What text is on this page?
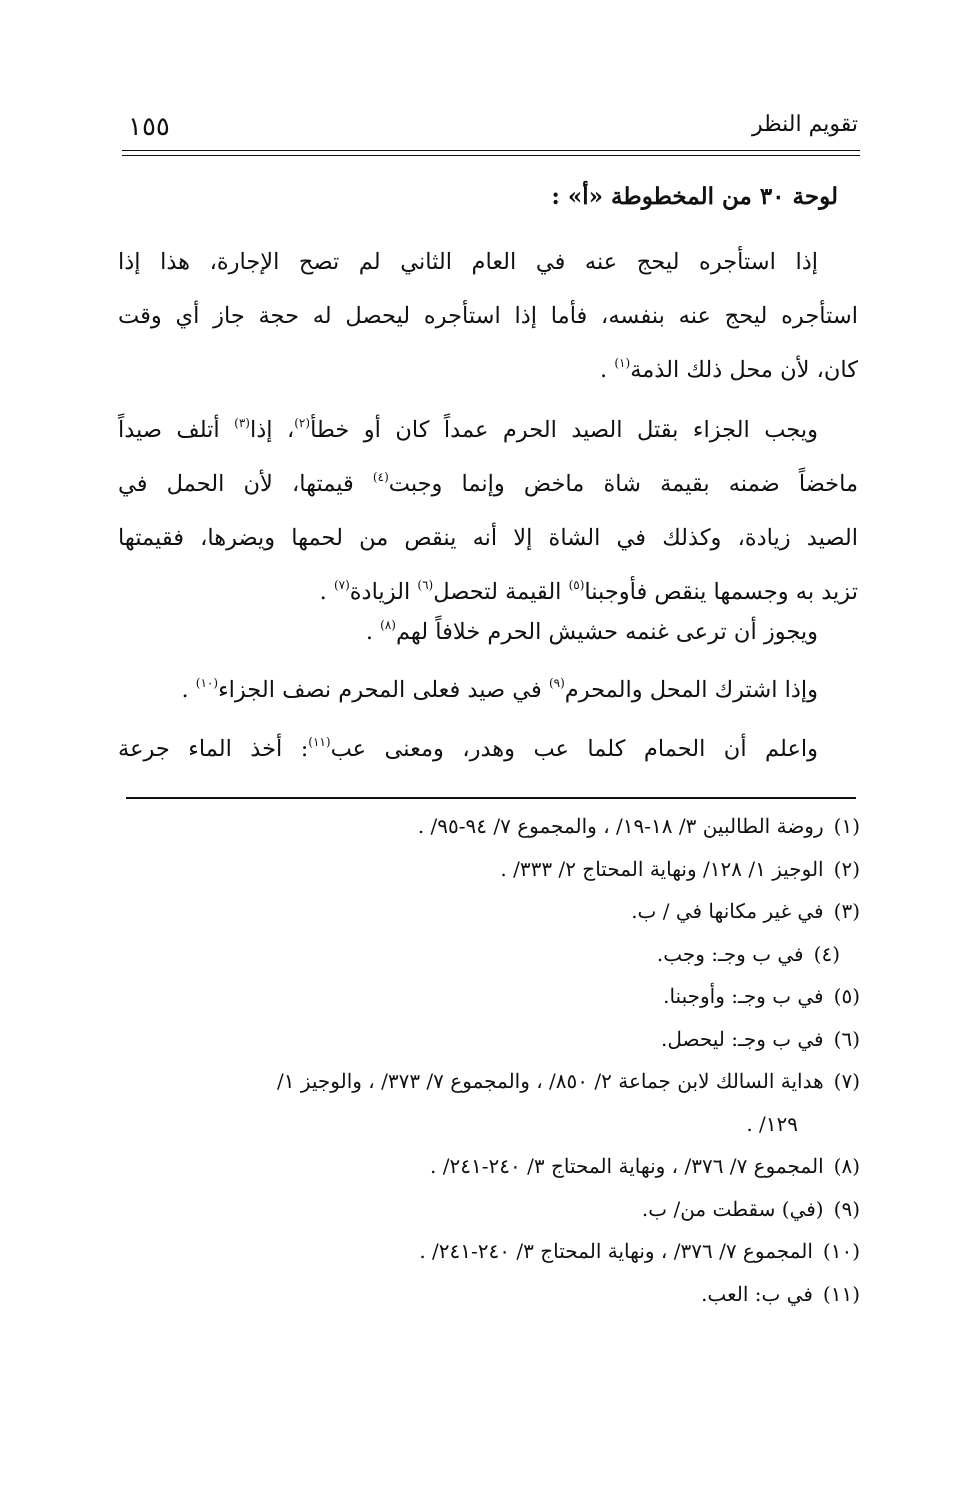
تقويم النظر
١٥٥
لوحة ٣٠ من المخطوطة «أ» :
إذا استأجره ليحج عنه في العام الثاني لم تصح الإجارة، هذا إذا
استأجره ليحج عنه بنفسه، فأما إذا استأجره ليحصل له حجة جاز أي وقت
كان، لأن محل ذلك الذمة$^{(١)}$ .
ويجب الجزاء بقتل الصيد الحرم عمداً كان أو خطأ$^{(٢)}$، إذا$^{(٣)}$ أتلف صيداً
ماخضاً ضمنه بقيمة شاة ماخض وإنما وجبت$^{(٤)}$ قيمتها، لأن الحمل في
الصيد زيادة، وكذلك في الشاة إلا أنه ينقص من لحمها ويضرها، فقيمتها
تزيد به وجسمها ينقص فأوجبنا$^{(٥)}$ القيمة لتحصل$^{(٦)}$ الزيادة$^{(٧)}$ .
ويجوز أن ترعى غنمه حشيش الحرم خلافاً لهم$^{(٨)}$ .
وإذا اشترك المحل والمحرم$^{(٩)}$ في صيد فعلى المحرم نصف الجزاء$^{(١٠)}$ .
واعلم أن الحمام كلما عب وهدر، ومعنى عب$^{(١١)}$: أخذ الماء جرعة
(١)روضة الطالبين ٣/ ١٨-١٩/ ، والمجموع ٧/ ٩٤-٩٥/ .
(٢)الوجيز ١/ ١٢٨/ ونهاية المحتاج ٢/ ٣٣٣/ .
(٣)في غير مكانها في / ب.
(٤)في ب وجـ: وجب.
(٥)في ب وجـ: وأوجبنا.
(٦)في ب وجـ: ليحصل.
(٧)هداية السالك لابن جماعة ٢/ ٨٥٠/ ، والمجموع ٧/ ٣٧٣/ ، والوجيز ١/
١٢٩/ .
(٨)المجموع ٧/ ٣٧٦/ ، ونهاية المحتاج ٣/ ٢٤٠-٢٤١/ .
(٩)(في) سقطت من/ ب.
(١٠)المجموع ٧/ ٣٧٦/ ، ونهاية المحتاج ٣/ ٢٤٠-٢٤١/ .
(١١)في ب: العب.
